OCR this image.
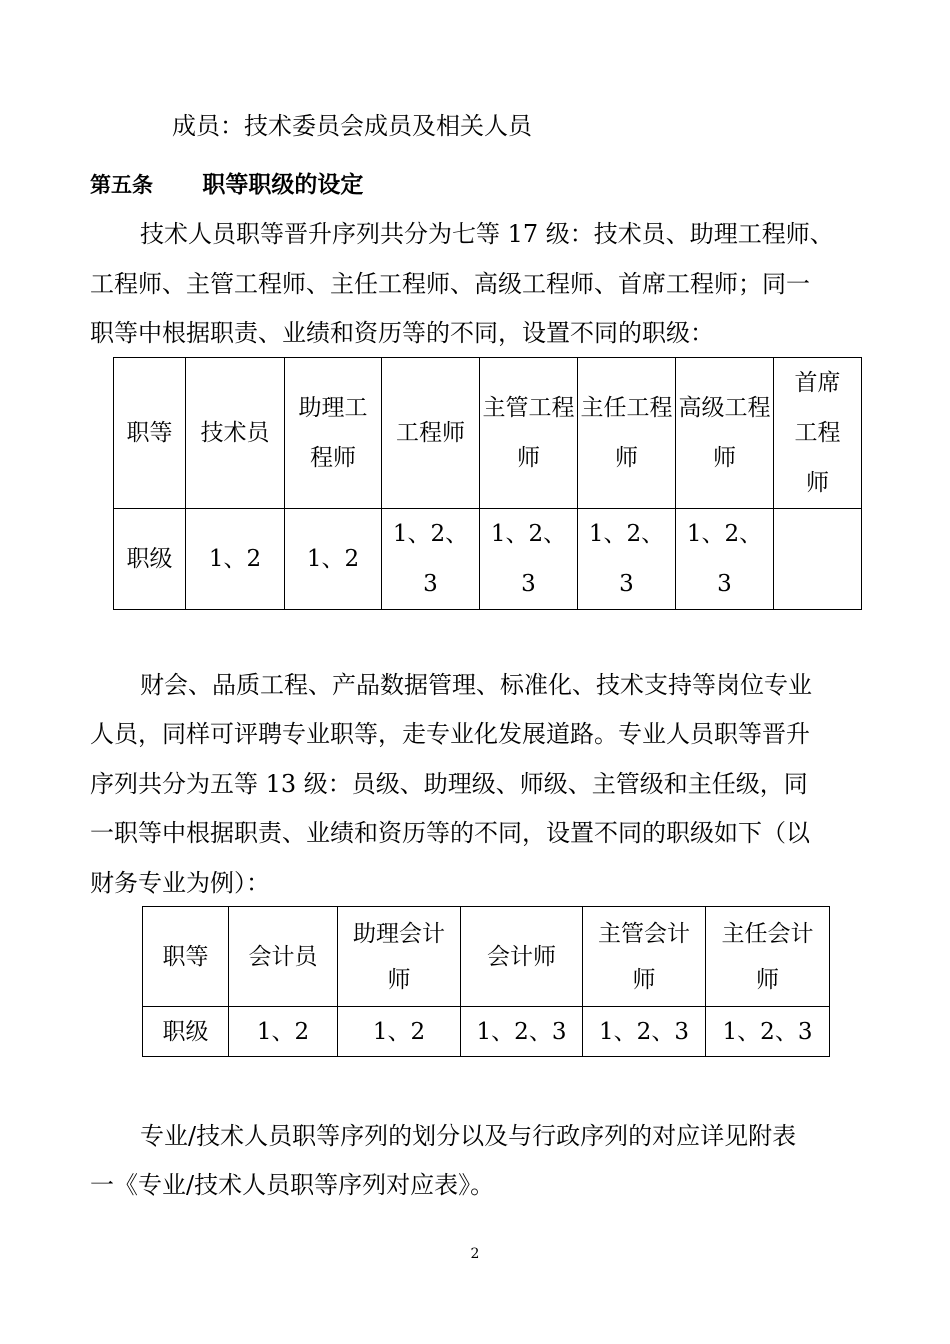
成员：技术委员会成员及相关人员
第五条 职等职级的设定
技术人员职等晋升序列共分为七等 17 级：技术员、助理工程师、
工程师、主管工程师、主任工程师、高级工程师、首席工程师；同一
职等中根据职责、业绩和资历等的不同，设置不同的职级：
职等	技术员	助理工程师	工程师	主管工程师	主任工程师	高级工程师	首席工程师
职级	1、2	1、2	1、2、3	1、2、3	1、2、3	1、2、3	
财会、品质工程、产品数据管理、标准化、技术支持等岗位专业
人员，同样可评聘专业职等，走专业化发展道路。专业人员职等晋升
序列共分为五等 13 级：员级、助理级、师级、主管级和主任级，同
一职等中根据职责、业绩和资历等的不同，设置不同的职级如下（以
财务专业为例）：
职等	会计员	助理会计师	会计师	主管会计师	主任会计师
职级	1、2	1、2	1、2、3	1、2、3	1、2、3
专业/技术人员职等序列的划分以及与行政序列的对应详见附表
一《专业/技术人员职等序列对应表》。
2
